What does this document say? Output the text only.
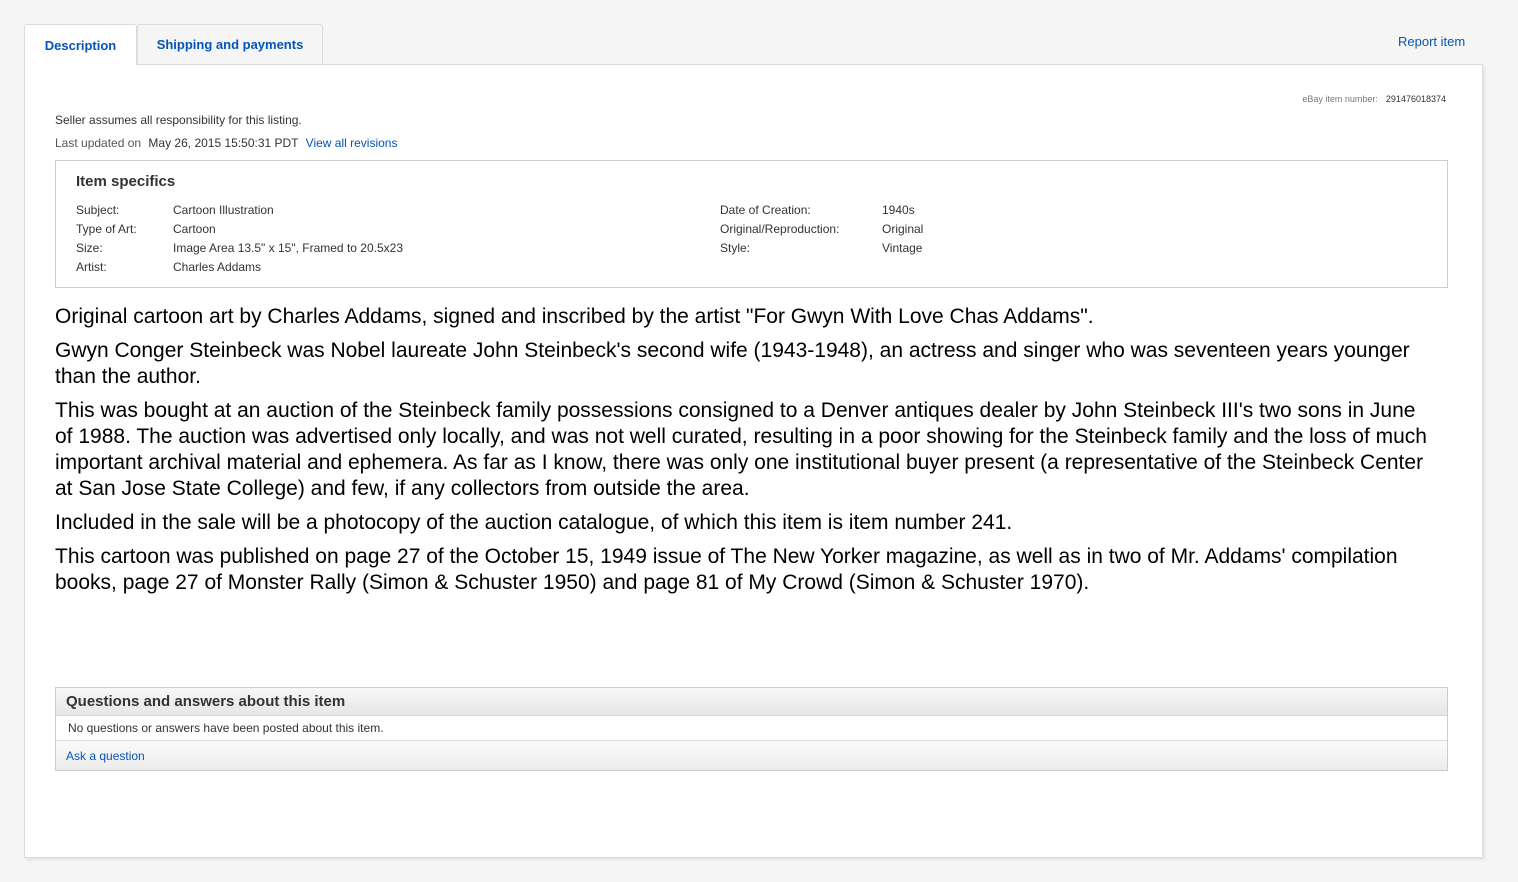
Description	Shipping and payments	Report item
eBay item number: 291476018374
Seller assumes all responsibility for this listing.
Last updated on May 26, 2015 15:50:31 PDT View all revisions
Item specifics
Subject:	Cartoon Illustration
Type of Art:	Cartoon
Size:	Image Area 13.5" x 15", Framed to 20.5x23
Artist:	Charles Addams
Date of Creation:	1940s
Original/Reproduction:	Original
Style:	Vintage

Original cartoon art by Charles Addams, signed and inscribed by the artist "For Gwyn With Love Chas Addams".

Gwyn Conger Steinbeck was Nobel laureate John Steinbeck's second wife (1943-1948), an actress and singer who was seventeen years younger than the author.

This was bought at an auction of the Steinbeck family possessions consigned to a Denver antiques dealer by John Steinbeck III's two sons in June of 1988. The auction was advertised only locally, and was not well curated, resulting in a poor showing for the Steinbeck family and the loss of much important archival material and ephemera. As far as I know, there was only one institutional buyer present (a representative of the Steinbeck Center at San Jose State College) and few, if any collectors from outside the area.

Included in the sale will be a photocopy of the auction catalogue, of which this item is item number 241.

This cartoon was published on page 27 of the October 15, 1949 issue of The New Yorker magazine, as well as in two of Mr. Addams' compilation books, page 27 of Monster Rally (Simon & Schuster 1950) and page 81 of My Crowd (Simon & Schuster 1970).

Questions and answers about this item
No questions or answers have been posted about this item.
Ask a question
